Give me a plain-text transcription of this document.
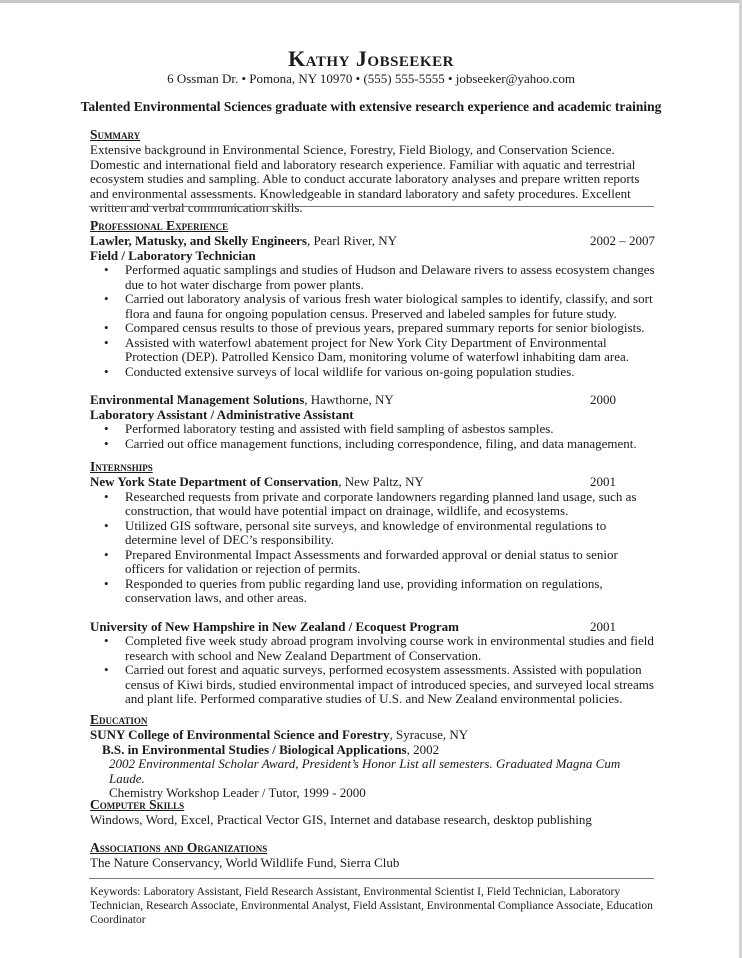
Kathy Jobseeker
6 Ossman Dr. • Pomona, NY 10970 • (555) 555-5555 • jobseeker@yahoo.com
Talented Environmental Sciences graduate with extensive research experience and academic training
Summary

Extensive background in Environmental Science, Forestry, Field Biology, and Conservation Science. Domestic and international field and laboratory research experience. Familiar with aquatic and terrestrial ecosystem studies and sampling. Able to conduct accurate laboratory analyses and prepare written reports and environmental assessments. Knowledgeable in standard laboratory and safety procedures. Excellent written and verbal communication skills.

Professional Experience
Lawler, Matusky, and Skelly Engineers, Pearl River, NY	2002 – 2007
Field / Laboratory Technician
• Performed aquatic samplings and studies of Hudson and Delaware rivers to assess ecosystem changes due to hot water discharge from power plants.
• Carried out laboratory analysis of various fresh water biological samples to identify, classify, and sort flora and fauna for ongoing population census. Preserved and labeled samples for future study.
• Compared census results to those of previous years, prepared summary reports for senior biologists.
• Assisted with waterfowl abatement project for New York City Department of Environmental Protection (DEP). Patrolled Kensico Dam, monitoring volume of waterfowl inhabiting dam area.
• Conducted extensive surveys of local wildlife for various on-going population studies.
Environmental Management Solutions, Hawthorne, NY	2000
Laboratory Assistant / Administrative Assistant
• Performed laboratory testing and assisted with field sampling of asbestos samples.
• Carried out office management functions, including correspondence, filing, and data management.
Internships
New York State Department of Conservation, New Paltz, NY	2001
• Researched requests from private and corporate landowners regarding planned land usage, such as construction, that would have potential impact on drainage, wildlife, and ecosystems.
• Utilized GIS software, personal site surveys, and knowledge of environmental regulations to determine level of DEC’s responsibility.
• Prepared Environmental Impact Assessments and forwarded approval or denial status to senior officers for validation or rejection of permits.
• Responded to queries from public regarding land use, providing information on regulations, conservation laws, and other areas.
University of New Hampshire in New Zealand / Ecoquest Program	2001
• Completed five week study abroad program involving course work in environmental studies and field research with school and New Zealand Department of Conservation.
• Carried out forest and aquatic surveys, performed ecosystem assessments. Assisted with population census of Kiwi birds, studied environmental impact of introduced species, and surveyed local streams and plant life. Performed comparative studies of U.S. and New Zealand environmental policies.
Education
SUNY College of Environmental Science and Forestry, Syracuse, NY
B.S. in Environmental Studies / Biological Applications, 2002
2002 Environmental Scholar Award, President’s Honor List all semesters. Graduated Magna Cum Laude.
Chemistry Workshop Leader / Tutor, 1999 - 2000
Computer Skills
Windows, Word, Excel, Practical Vector GIS, Internet and database research, desktop publishing
Associations and Organizations
The Nature Conservancy, World Wildlife Fund, Sierra Club
Keywords: Laboratory Assistant, Field Research Assistant, Environmental Scientist I, Field Technician, Laboratory Technician, Research Associate, Environmental Analyst, Field Assistant, Environmental Compliance Associate, Education Coordinator
